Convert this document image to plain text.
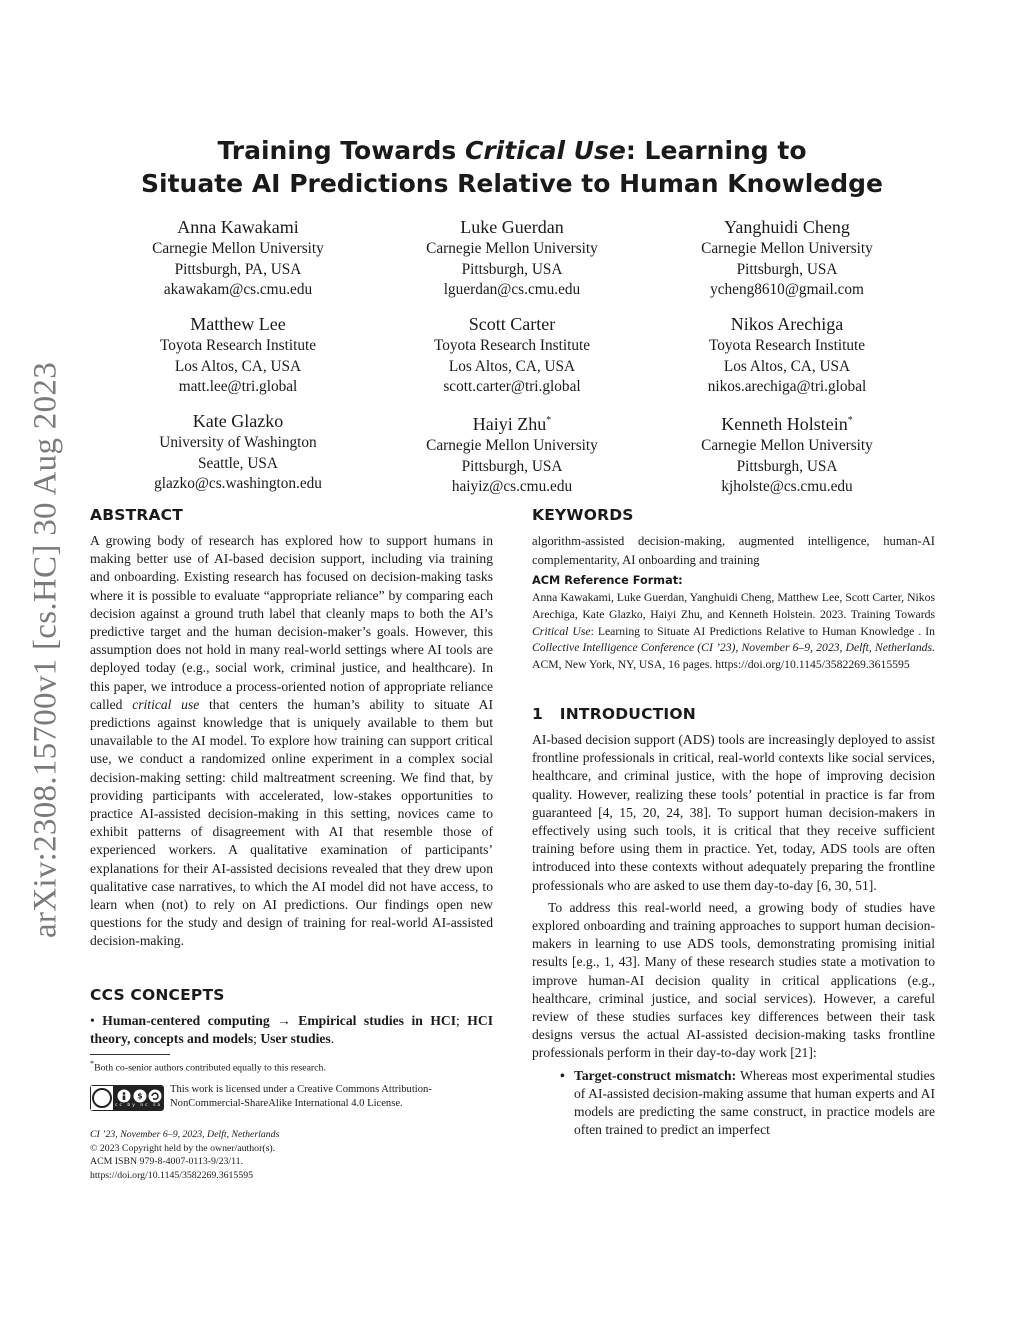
arXiv:2308.15700v1 [cs.HC] 30 Aug 2023
Training Towards Critical Use: Learning to
Situate AI Predictions Relative to Human Knowledge
Anna Kawakami
Carnegie Mellon University
Pittsburgh, PA, USA
akawakam@cs.cmu.edu
Luke Guerdan
Carnegie Mellon University
Pittsburgh, USA
lguerdan@cs.cmu.edu
Yanghuidi Cheng
Carnegie Mellon University
Pittsburgh, USA
ycheng8610@gmail.com
Matthew Lee
Toyota Research Institute
Los Altos, CA, USA
matt.lee@tri.global
Scott Carter
Toyota Research Institute
Los Altos, CA, USA
scott.carter@tri.global
Nikos Arechiga
Toyota Research Institute
Los Altos, CA, USA
nikos.arechiga@tri.global
Kate Glazko
University of Washington
Seattle, USA
glazko@cs.washington.edu
Haiyi Zhu*
Carnegie Mellon University
Pittsburgh, USA
haiyiz@cs.cmu.edu
Kenneth Holstein*
Carnegie Mellon University
Pittsburgh, USA
kjholste@cs.cmu.edu
ABSTRACT

A growing body of research has explored how to support humans in making better use of AI-based decision support, including via training and onboarding. Existing research has focused on decision-making tasks where it is possible to evaluate “appropriate reliance” by comparing each decision against a ground truth label that cleanly maps to both the AI’s predictive target and the human decision-maker’s goals. However, this assumption does not hold in many real-world settings where AI tools are deployed today (e.g., social work, criminal justice, and healthcare). In this paper, we introduce a process-oriented notion of appropriate reliance called critical use that centers the human’s ability to situate AI predictions against knowledge that is uniquely available to them but unavailable to the AI model. To explore how training can support critical use, we conduct a randomized online experiment in a complex social decision-making setting: child maltreatment screening. We find that, by providing participants with accelerated, low-stakes opportunities to practice AI-assisted decision-making in this setting, novices came to exhibit patterns of disagreement with AI that resemble those of experienced workers. A qualitative examination of participants’ explanations for their AI-assisted decisions revealed that they drew upon qualitative case narratives, to which the AI model did not have access, to learn when (not) to rely on AI predictions. Our findings open new questions for the study and design of training for real-world AI-assisted decision-making.

CCS CONCEPTS

• Human-centered computing → Empirical studies in HCI; HCI theory, concepts and models; User studies.

*Both co-senior authors contributed equally to this research.
$
cc by nc sa
This work is licensed under a Creative Commons Attribution-
NonCommercial-ShareAlike International 4.0 License.
CI ’23, November 6–9, 2023, Delft, Netherlands
© 2023 Copyright held by the owner/author(s).
ACM ISBN 979-8-4007-0113-9/23/11.
https://doi.org/10.1145/3582269.3615595
KEYWORDS

algorithm-assisted decision-making, augmented intelligence, human-AI complementarity, AI onboarding and training

ACM Reference Format:

Anna Kawakami, Luke Guerdan, Yanghuidi Cheng, Matthew Lee, Scott Carter, Nikos Arechiga, Kate Glazko, Haiyi Zhu, and Kenneth Holstein. 2023. Training Towards Critical Use: Learning to Situate AI Predictions Relative to Human Knowledge . In Collective Intelligence Conference (CI ’23), November 6–9, 2023, Delft, Netherlands. ACM, New York, NY, USA, 16 pages. https://doi.org/10.1145/3582269.3615595

1 INTRODUCTION

AI-based decision support (ADS) tools are increasingly deployed to assist frontline professionals in critical, real-world contexts like social services, healthcare, and criminal justice, with the hope of improving decision quality. However, realizing these tools’ potential in practice is far from guaranteed [4, 15, 20, 24, 38]. To support human decision-makers in effectively using such tools, it is critical that they receive sufficient training before using them in practice. Yet, today, ADS tools are often introduced into these contexts without adequately preparing the frontline professionals who are asked to use them day-to-day [6, 30, 51].

To address this real-world need, a growing body of studies have explored onboarding and training approaches to support human decision-makers in learning to use ADS tools, demonstrating promising initial results [e.g., 1, 43]. Many of these research studies state a motivation to improve human-AI decision quality in critical applications (e.g., healthcare, criminal justice, and social services). However, a careful review of these studies surfaces key differences between their task designs versus the actual AI-assisted decision-making tasks frontline professionals perform in their day-to-day work [21]:

• Target-construct mismatch: Whereas most experimental studies of AI-assisted decision-making assume that human experts and AI models are predicting the same construct, in practice models are often trained to predict an imperfect
